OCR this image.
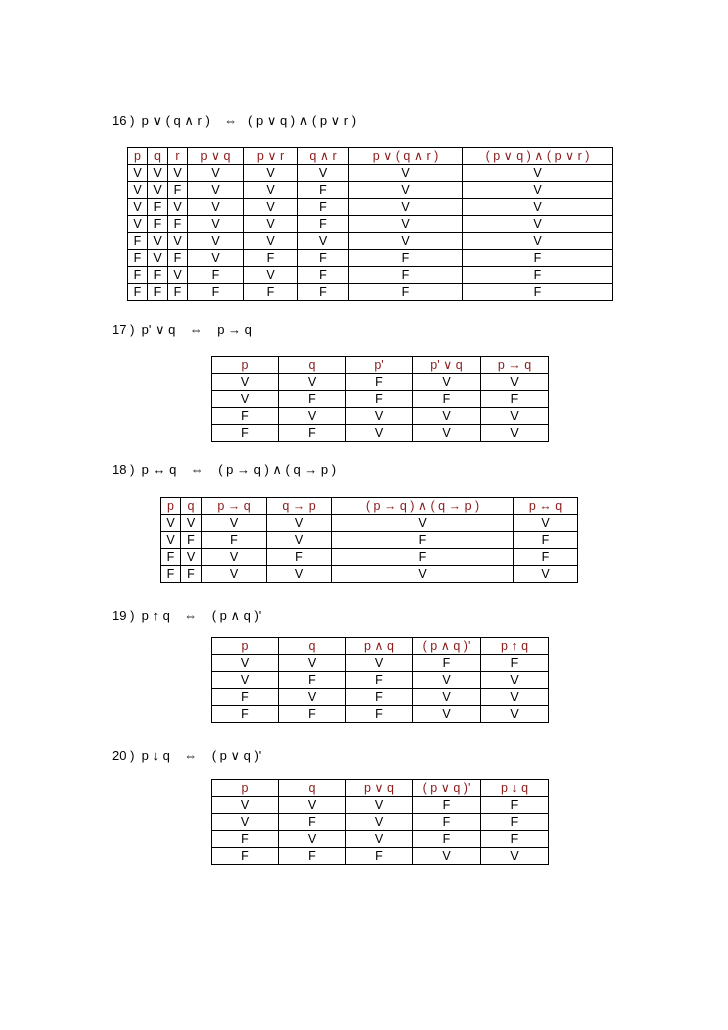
16 )  p ∨ ( q ∧ r )    ⇔   ( p ∨ q ) ∧ ( p ∨ r )
p	q	r	p ∨ q	p ∨ r	q ∧ r	p ∨ ( q ∧ r )	( p ∨ q ) ∧ ( p ∨ r )
V	V	V	V	V	V	V	V
V	V	F	V	V	F	V	V
V	F	V	V	V	F	V	V
V	F	F	V	V	F	V	V
F	V	V	V	V	V	V	V
F	V	F	V	F	F	F	F
F	F	V	F	V	F	F	F
F	F	F	F	F	F	F	F
17 )  p' ∨ q    ⇔    p → q
p	q	p'	p' ∨ q	p → q
V	V	F	V	V
V	F	F	F	F
F	V	V	V	V
F	F	V	V	V
18 )  p ↔ q    ⇔    ( p → q ) ∧ ( q → p )
p	q	p → q	q → p	( p → q ) ∧ ( q → p )	p ↔ q
V	V	V	V	V	V
V	F	F	V	F	F
F	V	V	F	F	F
F	F	V	V	V	V
19 )  p ↑ q    ⇔    ( p ∧ q )'
p	q	p ∧ q	( p ∧ q )'	p ↑ q
V	V	V	F	F
V	F	F	V	V
F	V	F	V	V
F	F	F	V	V
20 )  p ↓ q    ⇔    ( p ∨ q )'
p	q	p ∨ q	( p ∨ q )'	p ↓ q
V	V	V	F	F
V	F	V	F	F
F	V	V	F	F
F	F	F	V	V
